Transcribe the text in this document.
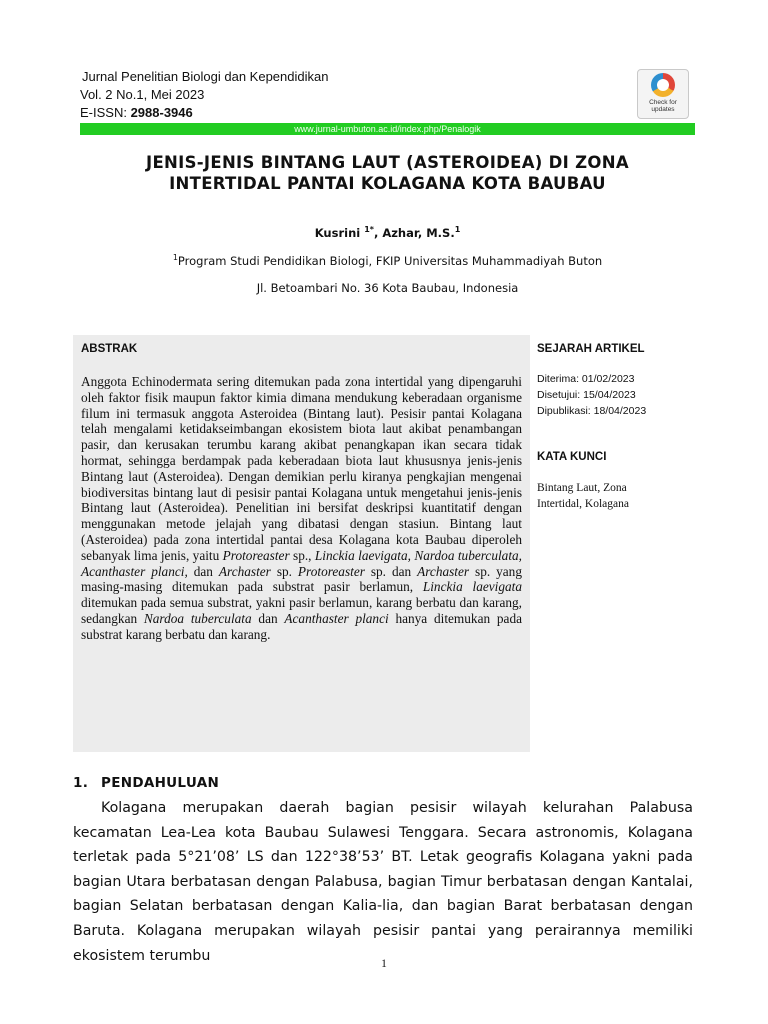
Jurnal Penelitian Biologi dan Kependidikan
Vol. 2 No.1, Mei 2023
E-ISSN: 2988-3946
Check for
updates
www.jurnal-umbuton.ac.id/index.php/Penalogik
JENIS-JENIS BINTANG LAUT (ASTEROIDEA) DI ZONA
INTERTIDAL PANTAI KOLAGANA KOTA BAUBAU
Kusrini $^{1*}$, Azhar, M.S.$^1$
$^1$Program Studi Pendidikan Biologi, FKIP Universitas Muhammadiyah Buton
Jl. Betoambari No. 36 Kota Baubau, Indonesia
ABSTRAK
Anggota Echinodermata sering ditemukan pada zona intertidal yang dipengaruhi oleh faktor fisik maupun faktor kimia dimana mendukung keberadaan organisme filum ini termasuk anggota Asteroidea (Bintang laut). Pesisir pantai Kolagana telah mengalami ketidakseimbangan ekosistem biota laut akibat penambangan pasir, dan kerusakan terumbu karang akibat penangkapan ikan secara tidak hormat, sehingga berdampak pada keberadaan biota laut khususnya jenis-jenis Bintang laut (Asteroidea). Dengan demikian perlu kiranya pengkajian mengenai biodiversitas bintang laut di pesisir pantai Kolagana untuk mengetahui jenis-jenis Bintang laut (Asteroidea). Penelitian ini bersifat deskripsi kuantitatif dengan menggunakan metode jelajah yang dibatasi dengan stasiun. Bintang laut (Asteroidea) pada zona intertidal pantai desa Kolagana kota Baubau diperoleh sebanyak lima jenis, yaitu Protoreaster sp., Linckia laevigata, Nardoa tuberculata, Acanthaster planci, dan Archaster sp. Protoreaster sp. dan Archaster sp. yang masing-masing ditemukan pada substrat pasir berlamun, Linckia laevigata ditemukan pada semua substrat, yakni pasir berlamun, karang berbatu dan karang, sedangkan Nardoa tuberculata dan Acanthaster planci hanya ditemukan pada substrat karang berbatu dan karang.
SEJARAH ARTIKEL
Diterima: 01/02/2023
Disetujui: 15/04/2023
Dipublikasi: 18/04/2023
KATA KUNCI
Bintang Laut, Zona Intertidal, Kolagana
1. PENDAHULUAN
Kolagana merupakan daerah bagian pesisir wilayah kelurahan Palabusa kecamatan Lea-Lea kota Baubau Sulawesi Tenggara. Secara astronomis, Kolagana terletak pada 5°21’08’ LS dan 122°38’53’ BT. Letak geografis Kolagana yakni pada bagian Utara berbatasan dengan Palabusa, bagian Timur berbatasan dengan Kantalai, bagian Selatan berbatasan dengan Kalia-lia, dan bagian Barat berbatasan dengan Baruta. Kolagana merupakan wilayah pesisir pantai yang perairannya memiliki ekosistem terumbu
1
